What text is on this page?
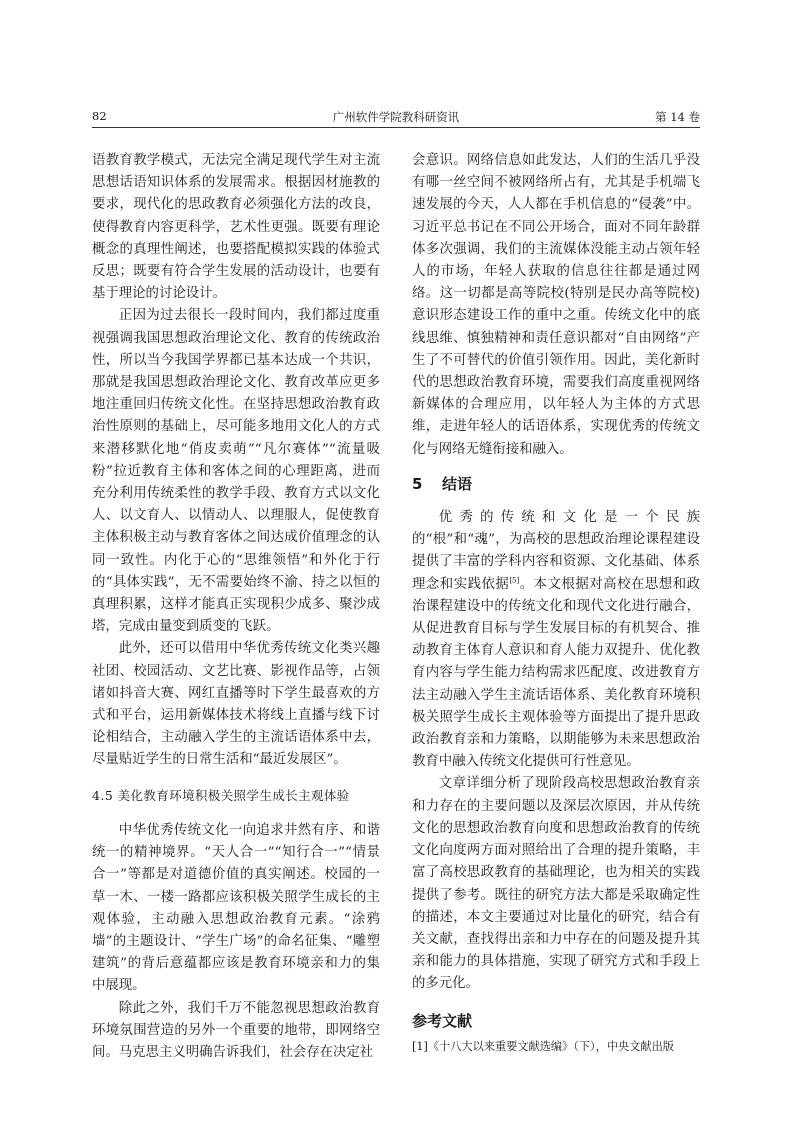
82	广州软件学院教科研资讯	第 14 卷

语教育教学模式，无法完全满足现代学生对主流思想话语知识体系的发展需求。根据因材施教的要求，现代化的思政教育必须强化方法的改良，使得教育内容更科学，艺术性更强。既要有理论概念的真理性阐述，也要搭配模拟实践的体验式反思；既要有符合学生发展的活动设计，也要有基于理论的讨论设计。

正因为过去很长一段时间内，我们都过度重视强调我国思想政治理论文化、教育的传统政治性，所以当今我国学界都已基本达成一个共识，那就是我国思想政治理论文化、教育改革应更多地注重回归传统文化性。在坚持思想政治教育政治性原则的基础上，尽可能多地用文化人的方式来潜移默化地“俏皮卖萌”“凡尔赛体”“流量吸粉”拉近教育主体和客体之间的心理距离，进而充分利用传统柔性的教学手段、教育方式以文化人、以文育人、以情动人、以理服人，促使教育主体积极主动与教育客体之间达成价值理念的认同一致性。内化于心的“思维领悟”和外化于行的“具体实践”，无不需要始终不渝、持之以恒的真理积累，这样才能真正实现积少成多、聚沙成塔，完成由量变到质变的飞跃。

此外，还可以借用中华优秀传统文化类兴趣社团、校园活动、文艺比赛、影视作品等，占领诸如抖音大赛、网红直播等时下学生最喜欢的方式和平台，运用新媒体技术将线上直播与线下讨论相结合，主动融入学生的主流话语体系中去，尽量贴近学生的日常生活和“最近发展区”。

4.5 美化教育环境积极关照学生成长主观体验

中华优秀传统文化一向追求井然有序、和谐统一的精神境界。“天人合一”“知行合一”“情景合一”等都是对道德价值的真实阐述。校园的一草一木、一楼一路都应该积极关照学生成长的主观体验，主动融入思想政治教育元素。“涂鸦墙”的主题设计、“学生广场”的命名征集、“雕塑建筑”的背后意蕴都应该是教育环境亲和力的集中展现。

除此之外，我们千万不能忽视思想政治教育环境氛围营造的另外一个重要的地带，即网络空间。马克思主义明确告诉我们，社会存在决定社

会意识。网络信息如此发达，人们的生活几乎没有哪一丝空间不被网络所占有，尤其是手机端飞速发展的今天，人人都在手机信息的“侵袭”中。习近平总书记在不同公开场合，面对不同年龄群体多次强调，我们的主流媒体没能主动占领年轻人的市场，年轻人获取的信息往往都是通过网络。这一切都是高等院校(特别是民办高等院校)意识形态建设工作的重中之重。传统文化中的底线思维、慎独精神和责任意识都对“自由网络”产生了不可替代的价值引领作用。因此，美化新时代的思想政治教育环境，需要我们高度重视网络新媒体的合理应用，以年轻人为主体的方式思维，走进年轻人的话语体系，实现优秀的传统文化与网络无缝衔接和融入。

5 结语

优秀的传统和文化是一个民族的“根”和“魂”，为高校的思想政治理论课程建设提供了丰富的学科内容和资源、文化基础、体系理念和实践依据[5]。本文根据对高校在思想和政治课程建设中的传统文化和现代文化进行融合，从促进教育目标与学生发展目标的有机契合、推动教育主体育人意识和育人能力双提升、优化教育内容与学生能力结构需求匹配度、改进教育方法主动融入学生主流话语体系、美化教育环境积极关照学生成长主观体验等方面提出了提升思政政治教育亲和力策略，以期能够为未来思想政治教育中融入传统文化提供可行性意见。

文章详细分析了现阶段高校思想政治教育亲和力存在的主要问题以及深层次原因，并从传统文化的思想政治教育向度和思想政治教育的传统文化向度两方面对照给出了合理的提升策略，丰富了高校思政教育的基础理论，也为相关的实践提供了参考。既往的研究方法大都是采取确定性的描述，本文主要通过对比量化的研究，结合有关文献，查找得出亲和力中存在的问题及提升其亲和能力的具体措施，实现了研究方式和手段上的多元化。

参考文献
[1]《十八大以来重要文献选编》（下），中央文献出版
